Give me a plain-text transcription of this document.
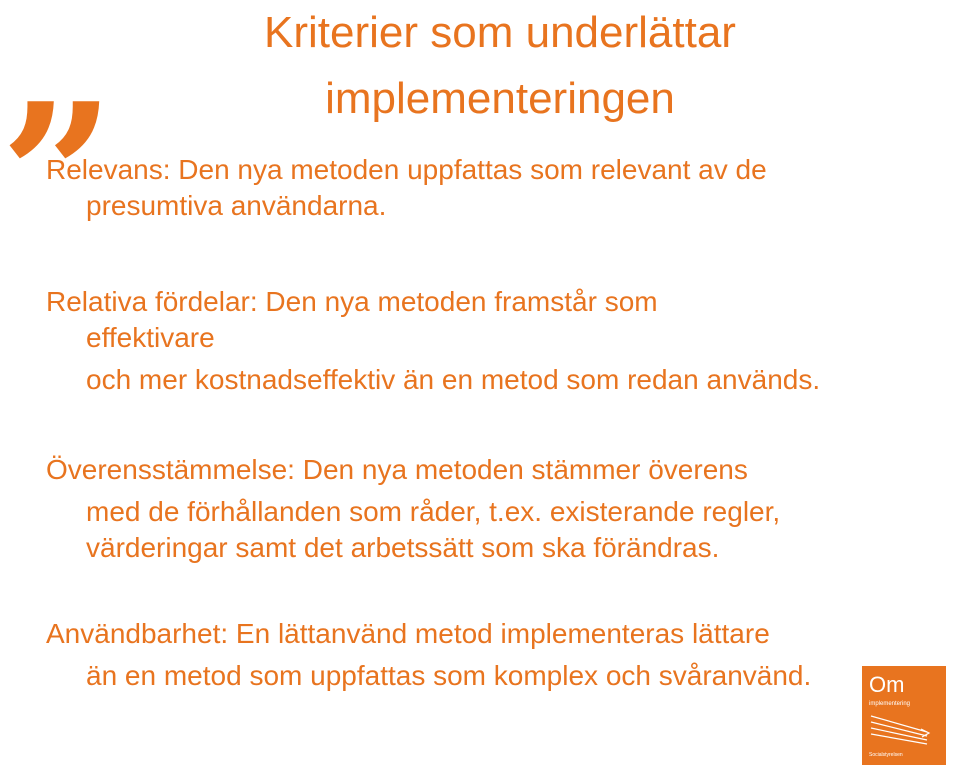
Kriterier som underlättar
implementeringen
”
Relevans: Den nya metoden uppfattas som relevant av de
presumtiva användarna.
Relativa fördelar: Den nya metoden framstår som
effektivare
och mer kostnadseffektiv än en metod som redan används.
Överensstämmelse: Den nya metoden stämmer överens
med de förhållanden som råder, t.ex. existerande regler,
värderingar samt det arbetssätt som ska förändras.
Användbarhet: En lättanvänd metod implementeras lättare
än en metod som uppfattas som komplex och svåranvänd.	Om
implementering
Socialstyrelsen
